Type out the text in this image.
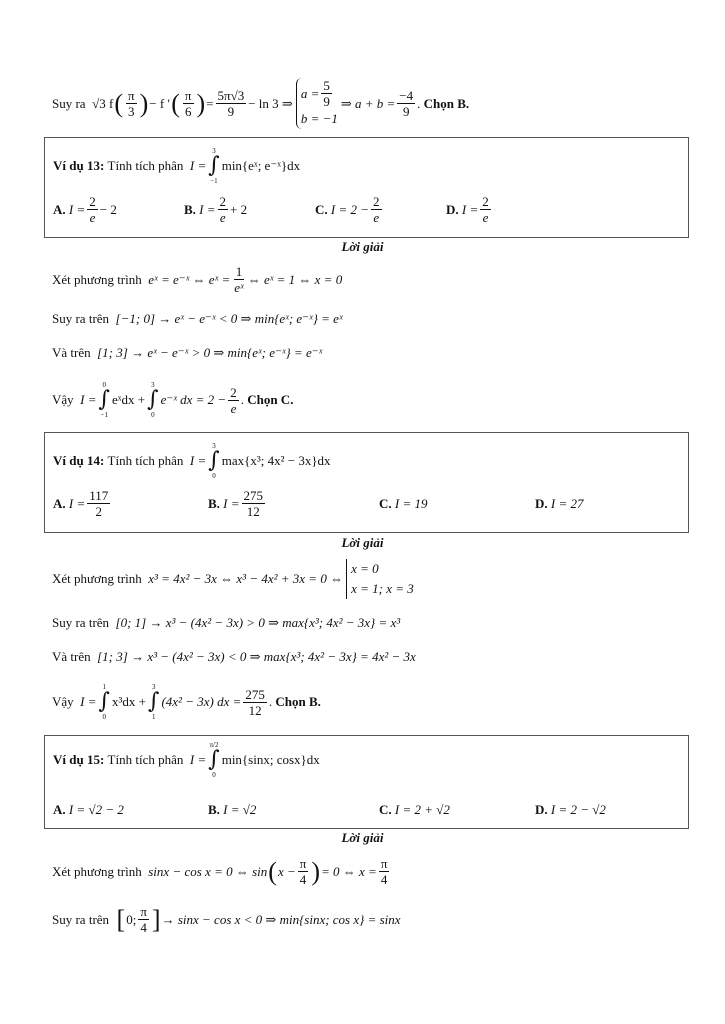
Suy ra
√3 f ( $\frac{\pi}{3}$ ) − f ′ ( $\frac{\pi}{6}$ ) = $\frac{5\pi√3}{9} - \ln 3$ ⇒
$a = \frac{5}{9}$
b = −1
⇒ $a + b = \frac{-4}{9}$ .
Chọn B.
Ví dụ 13:
Tính tích phân
I =
3
∫
−1
min{eˣ; e⁻ˣ}dx
A.
$I = \frac{2}{e} - 2$	B.
$I = \frac{2}{e} + 2$	C.
$I = 2 - \frac{2}{e}$	D.
$I = \frac{2}{e}$
Lời giải
Xét phương trình
eˣ = e⁻ˣ ⇔ eˣ = $\frac{1}{\text{eˣ}}$ ⇔ eˣ = 1 ⇔ x = 0
Suy ra trên
[−1; 0] → eˣ − e⁻ˣ < 0 ⇒ min{eˣ; e⁻ˣ} = eˣ
Và trên
[1; 3] → eˣ − e⁻ˣ > 0 ⇒ min{eˣ; e⁻ˣ} = e⁻ˣ
Vậy
I =
0
∫
−1
eˣdx +
3
∫
0
e⁻ˣ dx = $2 - \frac{2}{e}$ .
Chọn C.
Ví dụ 14:
Tính tích phân
I =
3
∫
0
max{x³; 4x² − 3x}dx
A.
$I = \frac{117}{2}$	B.
$I = \frac{275}{12}$	C.
I = 19	D.
I = 27
Lời giải
Xét phương trình
x³ = 4x² − 3x ⇔ x³ − 4x² + 3x = 0 ⇔
x = 0
x = 1; x = 3
Suy ra trên
[0; 1] → x³ − (4x² − 3x) > 0 ⇒ max{x³; 4x² − 3x} = x³
Và trên
[1; 3] → x³ − (4x² − 3x) < 0 ⇒ max{x³; 4x² − 3x} = 4x² − 3x
Vậy
I =
1
∫
0
x³dx +
3
∫
1
(4x² − 3x) dx = $\frac{275}{12}$ .
Chọn B.
Ví dụ 15:
Tính tích phân
I =
π/2
∫
0
min{sinx; cosx}dx
A.
I = √2 − 2	B.
I = √2	C.
I = 2 + √2	D.
I = 2 − √2
Lời giải
Xét phương trình
sinx − cos x = 0 ⇔ sin ( $x - \frac{\pi}{4}$ ) = 0 ⇔ $x = \frac{\pi}{4}$
Suy ra trên
[ 0; $\frac{\pi}{4}$ ] → sinx − cos x < 0 ⇒ min{sinx; cos x} = sinx
